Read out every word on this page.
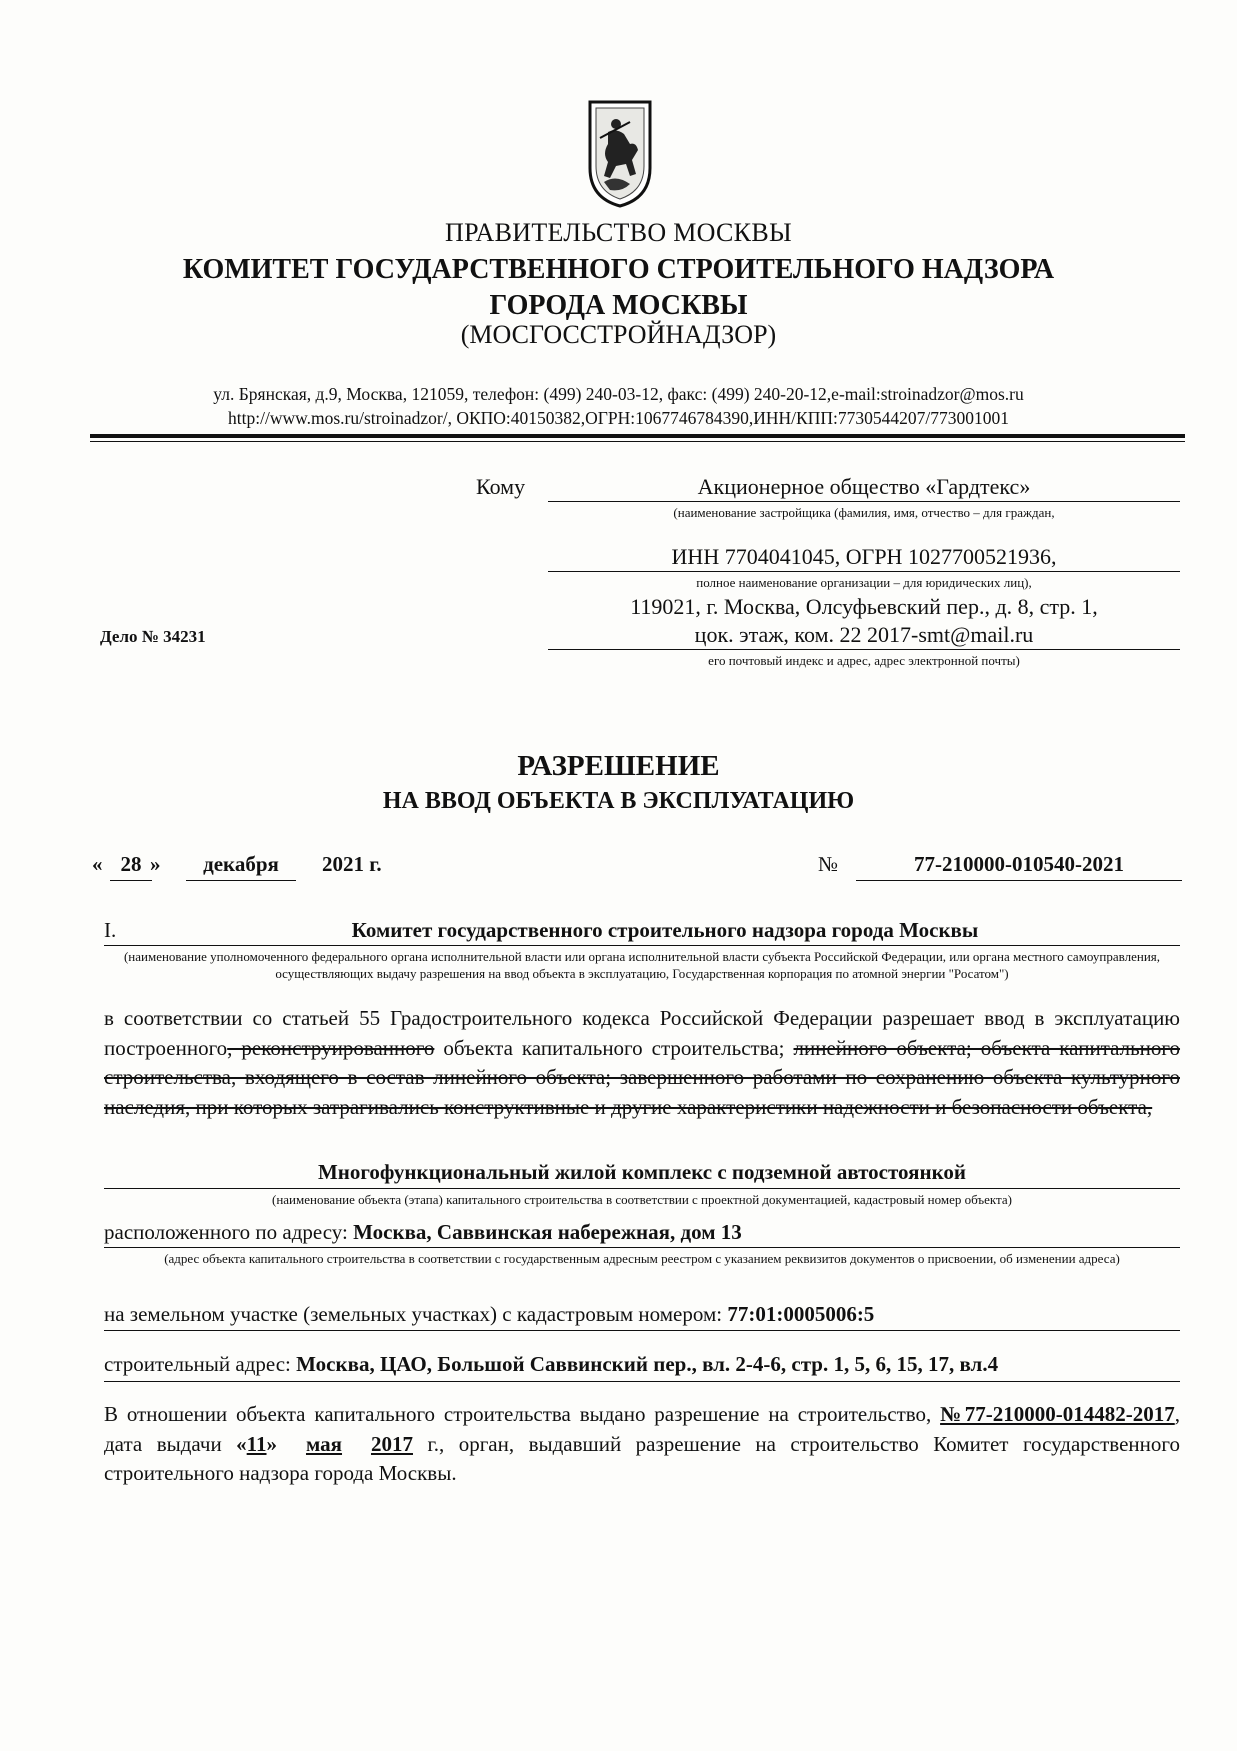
ПРАВИТЕЛЬСТВО МОСКВЫ
КОМИТЕТ ГОСУДАРСТВЕННОГО СТРОИТЕЛЬНОГО НАДЗОРА
ГОРОДА МОСКВЫ
(МОСГОССТРОЙНАДЗОР)
ул. Брянская, д.9, Москва, 121059, телефон: (499) 240-03-12, факс: (499) 240-20-12,e-mail:stroinadzor@mos.ru
http://www.mos.ru/stroinadzor/, ОКПО:40150382,ОГРН:1067746784390,ИНН/КПП:7730544207/773001001
Кому	Акционерное общество «Гардтекс»
(наименование застройщика (фамилия, имя, отчество – для граждан,
ИНН 7704041045, ОГРН 1027700521936,
полное наименование организации – для юридических лиц),
119021, г. Москва, Олсуфьевский пер., д. 8, стр. 1,
цок. этаж, ком. 22 2017-smt@mail.ru
его почтовый индекс и адрес, адрес электронной почты)
Дело № 34231
РАЗРЕШЕНИЕ
НА ВВОД ОБЪЕКТА В ЭКСПЛУАТАЦИЮ
« 28 »	декабря	2021 г.	№	77-210000-010540-2021
I.	Комитет государственного строительного надзора города Москвы
(наименование уполномоченного федерального органа исполнительной власти или органа исполнительной власти субъекта Российской Федерации, или органа местного самоуправления, осуществляющих выдачу разрешения на ввод объекта в эксплуатацию, Государственная корпорация по атомной энергии "Росатом")
в соответствии со статьей 55 Градостроительного кодекса Российской Федерации разрешает ввод в эксплуатацию построенного, реконструированного объекта капитального строительства; линейного объекта; объекта капитального строительства, входящего в состав линейного объекта; завершенного работами по сохранению объекта культурного наследия, при которых затрагивались конструктивные и другие характеристики надежности и безопасности объекта,
Многофункциональный жилой комплекс с подземной автостоянкой
(наименование объекта (этапа) капитального строительства в соответствии с проектной документацией, кадастровый номер объекта)
расположенного по адресу: Москва, Саввинская набережная, дом 13
(адрес объекта капитального строительства в соответствии с государственным адресным реестром с указанием реквизитов документов о присвоении, об изменении адреса)
на земельном участке (земельных участках) с кадастровым номером: 77:01:0005006:5
строительный адрес: Москва, ЦАО, Большой Саввинский пер., вл. 2-4-6, стр. 1, 5, 6, 15, 17, вл.4
В отношении объекта капитального строительства выдано разрешение на строительство, №77-210000-014482-2017, дата выдачи «11» мая 2017 г., орган, выдавший разрешение на строительство Комитет государственного строительного надзора города Москвы.
